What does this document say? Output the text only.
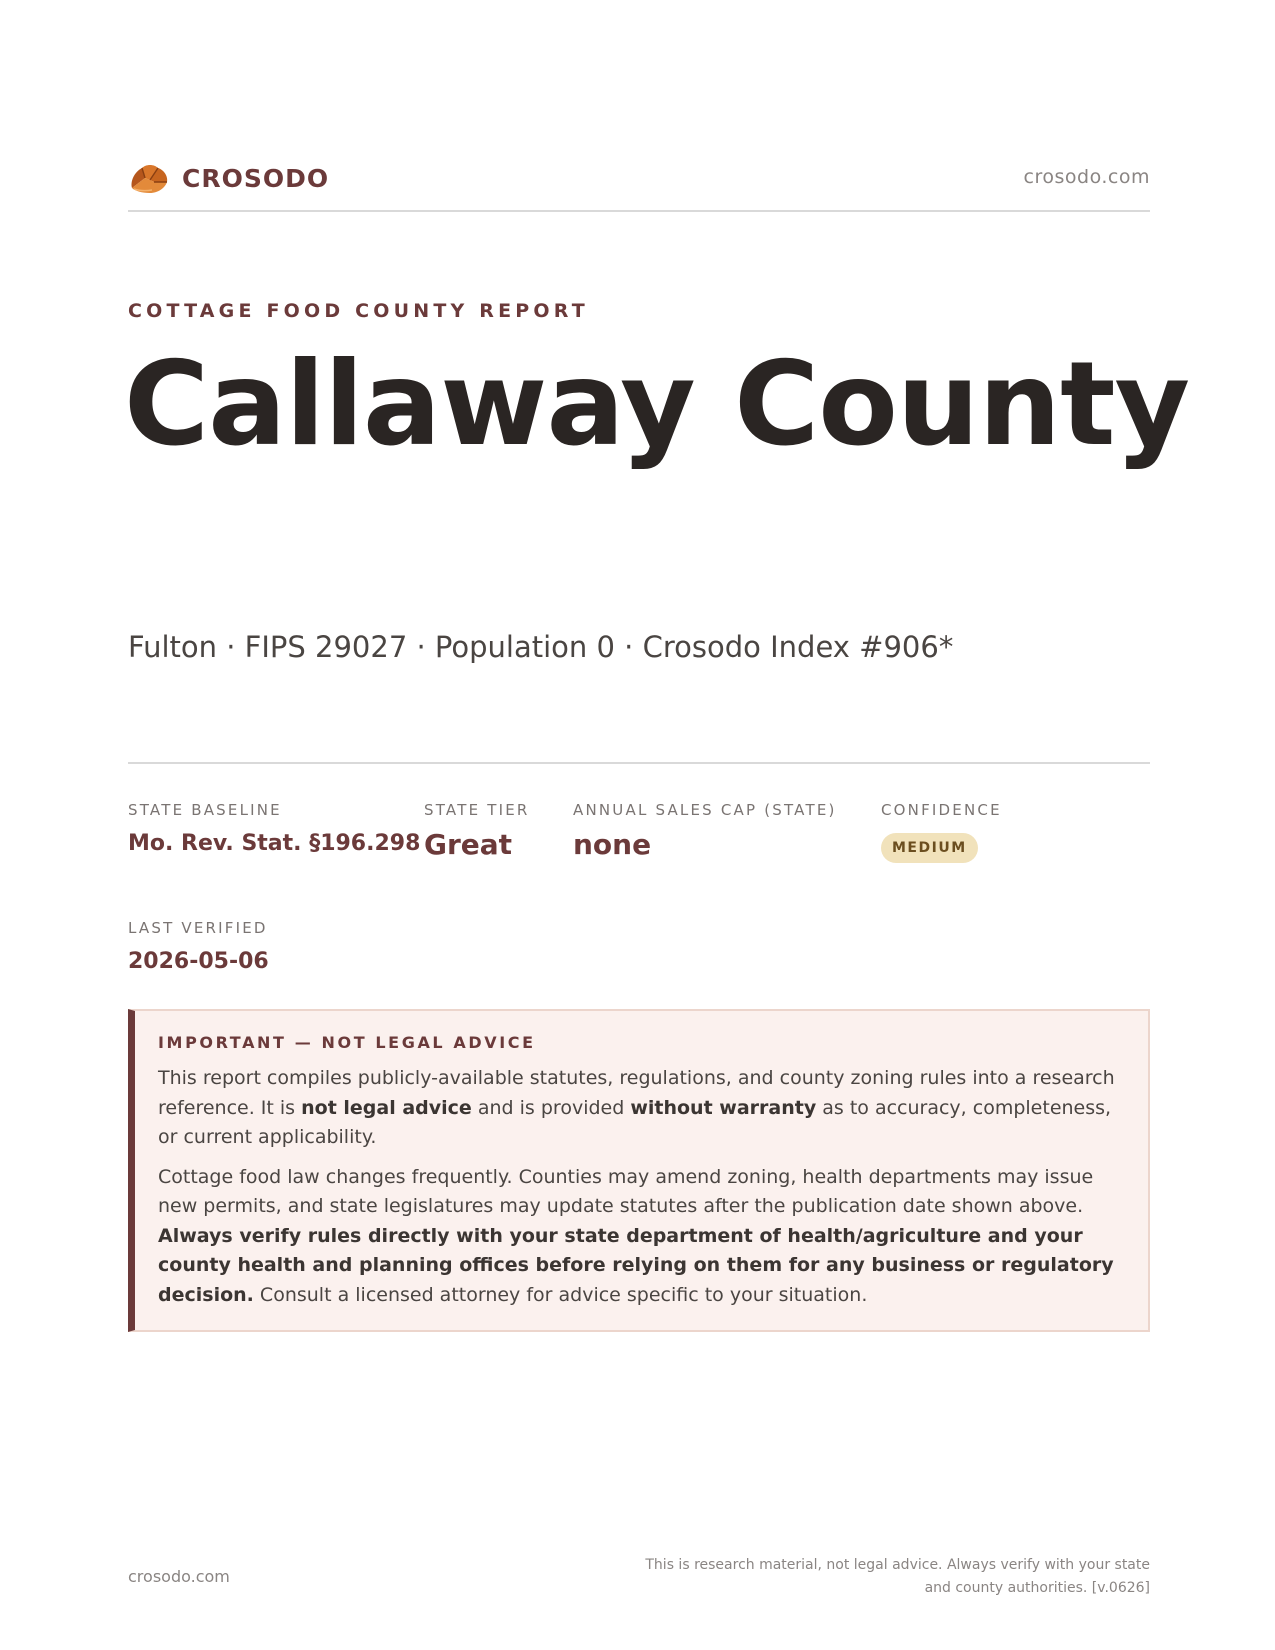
CROSODO	crosodo.com
COTTAGE FOOD COUNTY REPORT
Callaway County
Fulton · FIPS 29027 · Population 0 · Crosodo Index #906*
STATE BASELINE
Mo. Rev. Stat. §196.298
STATE TIER
Great
ANNUAL SALES CAP (STATE)
none
CONFIDENCE
MEDIUM
LAST VERIFIED
2026-05-06
IMPORTANT — NOT LEGAL ADVICE

This report compiles publicly-available statutes, regulations, and county zoning rules into a research reference. It is not legal advice and is provided without warranty as to accuracy, completeness, or current applicability.

Cottage food law changes frequently. Counties may amend zoning, health departments may issue new permits, and state legislatures may update statutes after the publication date shown above. Always verify rules directly with your state department of health/agriculture and your county health and planning offices before relying on them for any business or regulatory decision. Consult a licensed attorney for advice specific to your situation.

crosodo.com
This is research material, not legal advice. Always verify with your state
and county authorities. [v.0626]
